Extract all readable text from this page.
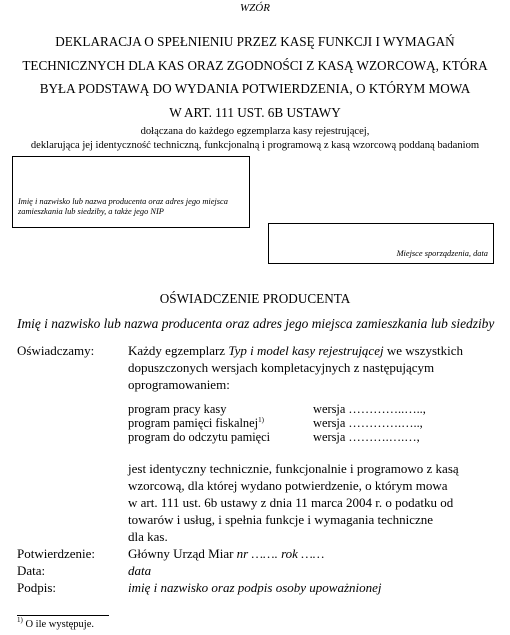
WZÓR
DEKLARACJA O SPEŁNIENIU PRZEZ KASĘ FUNKCJI I WYMAGAŃ
TECHNICZNYCH DLA KAS ORAZ ZGODNOŚCI Z KASĄ WZORCOWĄ, KTÓRA
BYŁA PODSTAWĄ DO WYDANIA POTWIERDZENIA, O KTÓRYM MOWA
W ART. 111 UST. 6B USTAWY
dołączana do każdego egzemplarza kasy rejestrującej,
deklarująca jej identyczność techniczną, funkcjonalną i programową z kasą wzorcową poddaną badaniom
Imię i nazwisko lub nazwa producenta oraz adres jego miejsca
zamieszkania lub siedziby, a także jego NIP
Miejsce sporządzenia, data
OŚWIADCZENIE PRODUCENTA
Imię i nazwisko lub nazwa producenta oraz adres jego miejsca zamieszkania lub siedziby
Oświadczamy:	Każdy egzemplarz Typ i model kasy rejestrującej we wszystkich
dopuszczonych wersjach kompletacyjnych z następującym
oprogramowaniem:
program pracy kasy	wersja …………..…..,
program pamięci fiskalnej$^{1)}$	wersja ………….…..,
program do odczytu pamięci	wersja ……….….…,
jest identyczny technicznie, funkcjonalnie i programowo z kasą
wzorcową, dla której wydano potwierdzenie, o którym mowa
w art. 111 ust. 6b ustawy z dnia 11 marca 2004 r. o podatku od
towarów i usług, i spełnia funkcje i wymagania techniczne
dla kas.
Potwierdzenie:	Główny Urząd Miar nr ……. rok ……
Data:	data
Podpis:	imię i nazwisko oraz podpis osoby upoważnionej
$^{1)}$ O ile występuje.
